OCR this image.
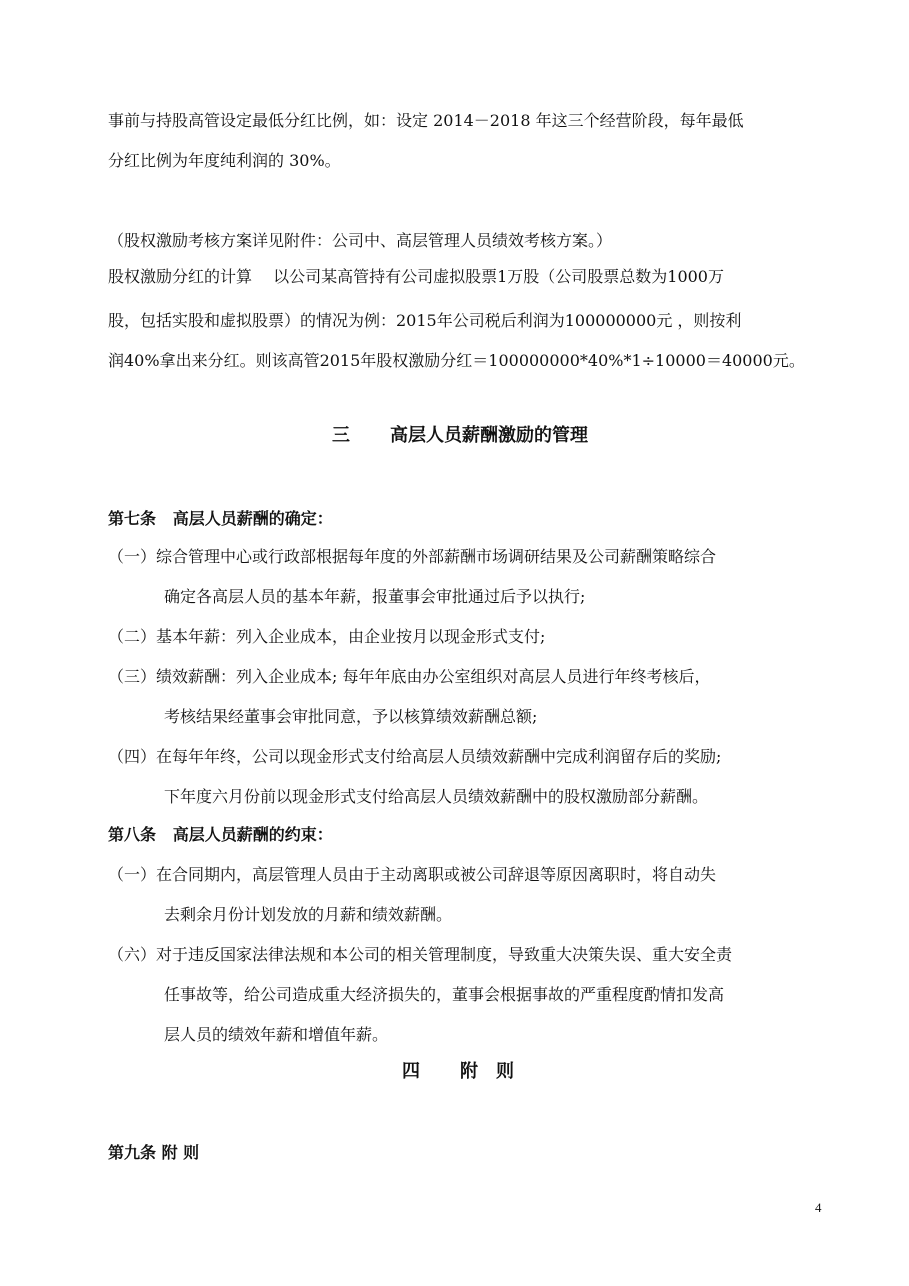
事前与持股高管设定最低分红比例，如：设定 2014－2018 年这三个经营阶段，每年最低
分红比例为年度纯利润的 30%。
（股权激励考核方案详见附件：公司中、高层管理人员绩效考核方案。）
股权激励分红的计算　 以公司某高管持有公司虚拟股票1万股（公司股票总数为1000万
股，包括实股和虚拟股票）的情况为例：2015年公司税后利润为100000000元 ，则按利
润40%拿出来分红。则该高管2015年股权激励分红＝100000000*40%*1÷10000＝40000元。
三 高层人员薪酬激励的管理
第七条 高层人员薪酬的确定：
（一）综合管理中心或行政部根据每年度的外部薪酬市场调研结果及公司薪酬策略综合
确定各高层人员的基本年薪，报董事会审批通过后予以执行;
（二）基本年薪：列入企业成本，由企业按月以现金形式支付;
（三）绩效薪酬：列入企业成本; 每年年底由办公室组织对高层人员进行年终考核后，
考核结果经董事会审批同意，予以核算绩效薪酬总额;
（四）在每年年终，公司以现金形式支付给高层人员绩效薪酬中完成利润留存后的奖励;
下年度六月份前以现金形式支付给高层人员绩效薪酬中的股权激励部分薪酬。
第八条 高层人员薪酬的约束：
（一）在合同期内，高层管理人员由于主动离职或被公司辞退等原因离职时，将自动失
去剩余月份计划发放的月薪和绩效薪酬。
（六）对于违反国家法律法规和本公司的相关管理制度，导致重大决策失误、重大安全责
任事故等，给公司造成重大经济损失的，董事会根据事故的严重程度酌情扣发高
层人员的绩效年薪和增值年薪。
四 附　则
第九条 附 则
4
